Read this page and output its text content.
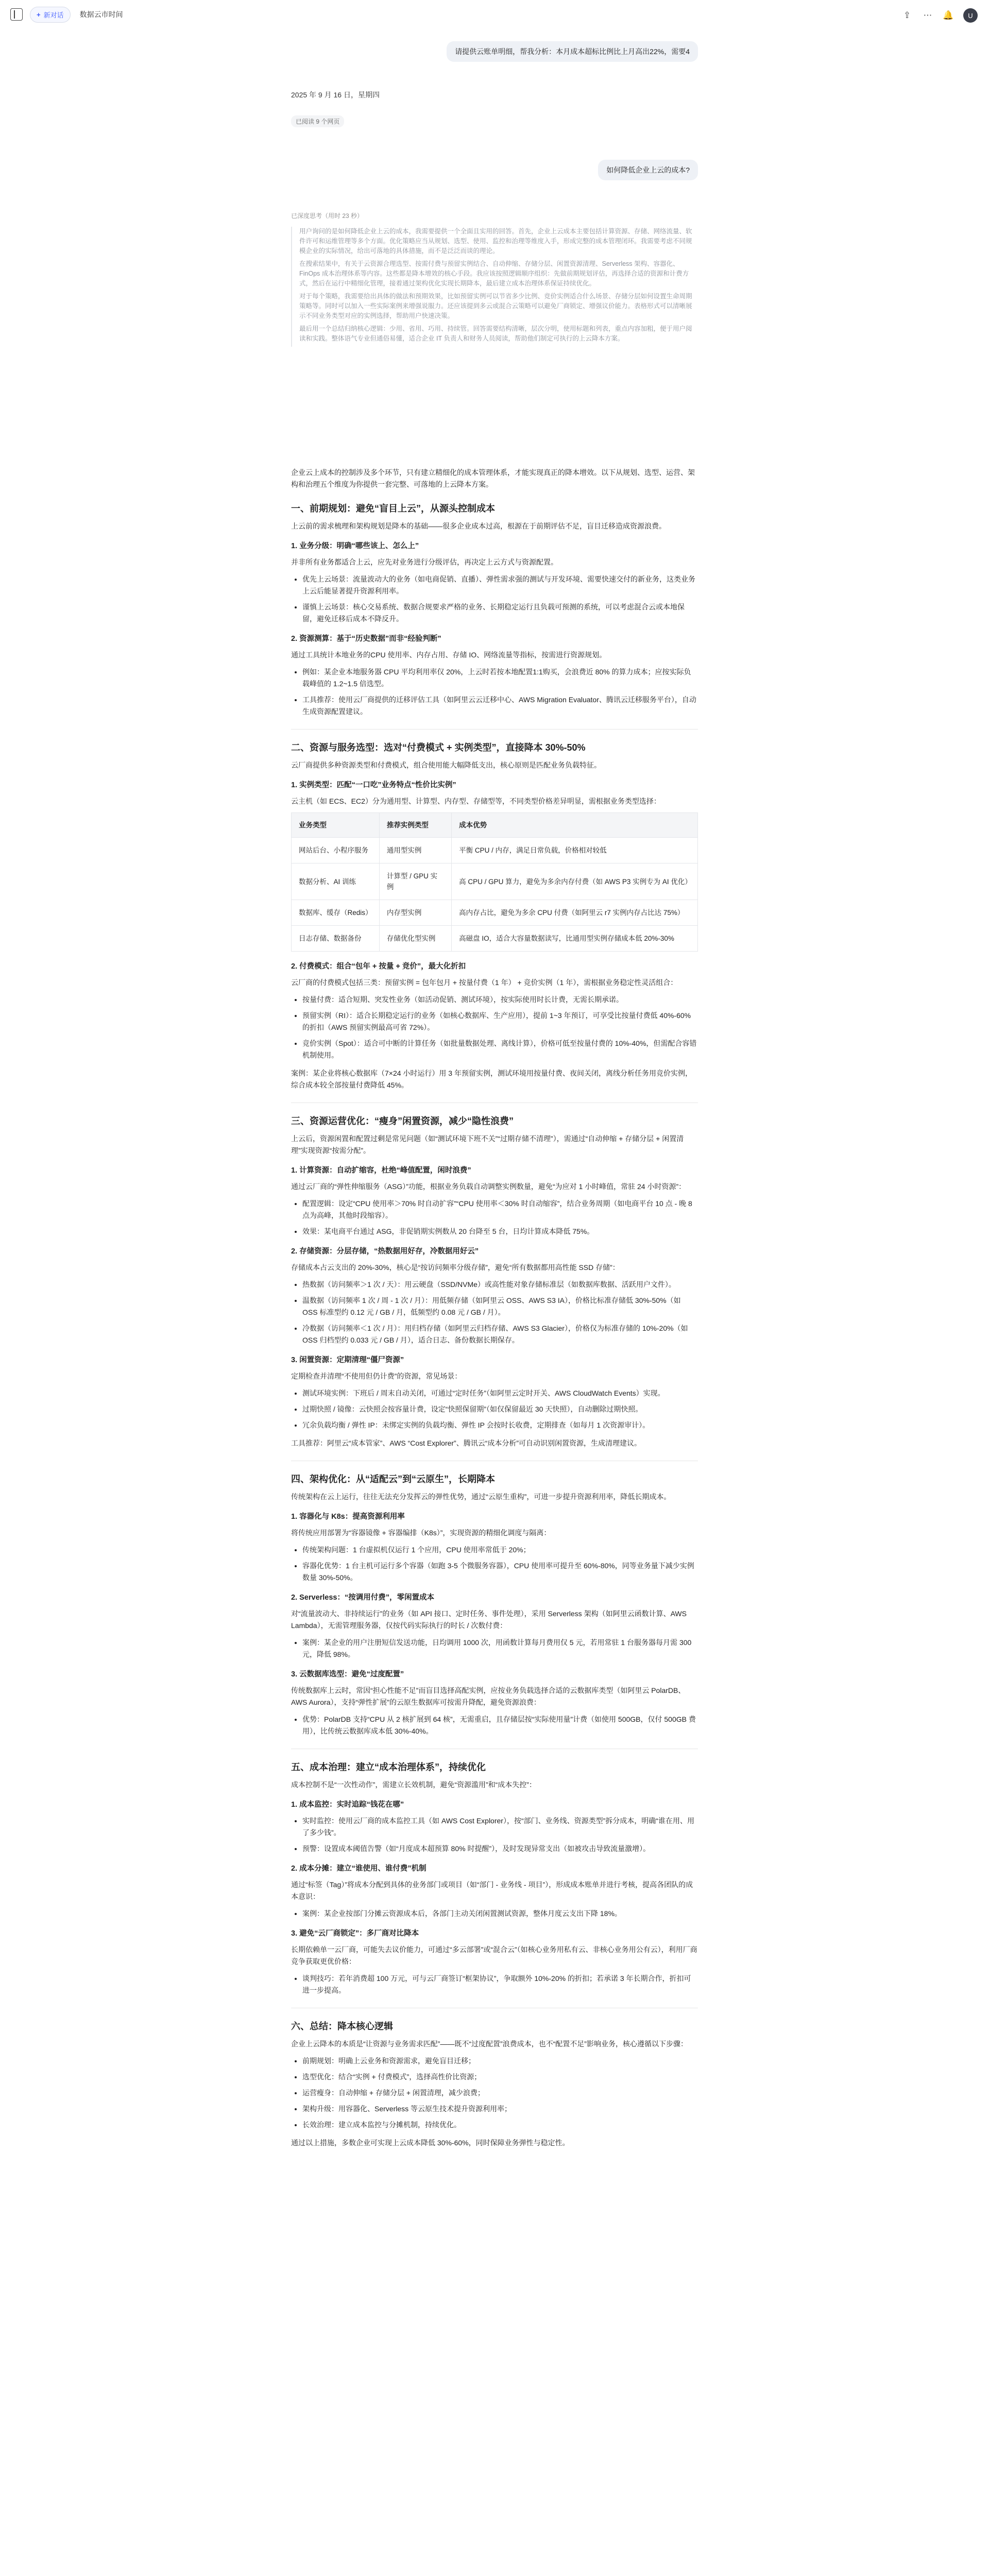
+ 新对话 数据云市时间	⇪ ⋯ 🔔	U
请提供云账单明细，帮我分析：本月成本超标比例比上月高出22%，需要4
2025 年 9 月 16 日，星期四
已阅读 9 个网页
如何降低企业上云的成本?
已深度思考（用时 23 秒）

用户询问的是如何降低企业上云的成本，我需要提供一个全面且实用的回答。首先，企业上云成本主要包括计算资源、存储、网络流量、软件许可和运维管理等多个方面。优化策略应当从规划、选型、使用、监控和治理等维度入手，形成完整的成本管理闭环。我需要考虑不同规模企业的实际情况，给出可落地的具体措施，而不是泛泛而谈的理论。

在搜索结果中，有关于云资源合理选型、按需付费与预留实例结合、自动伸缩、存储分层、闲置资源清理、Serverless 架构、容器化、FinOps 成本治理体系等内容。这些都是降本增效的核心手段。我应该按照逻辑顺序组织：先做前期规划评估，再选择合适的资源和计费方式，然后在运行中精细化管理，接着通过架构优化实现长期降本，最后建立成本治理体系保证持续优化。

对于每个策略，我需要给出具体的做法和预期效果，比如预留实例可以节省多少比例、竞价实例适合什么场景、存储分层如何设置生命周期策略等。同时可以加入一些实际案例来增强说服力。还应该提到多云或混合云策略可以避免厂商锁定、增强议价能力。表格形式可以清晰展示不同业务类型对应的实例选择，帮助用户快速决策。

最后用一个总结归纳核心逻辑：少用、省用、巧用、持续管。回答需要结构清晰，层次分明，使用标题和列表，重点内容加粗，便于用户阅读和实践。整体语气专业但通俗易懂，适合企业 IT 负责人和财务人员阅读，帮助他们制定可执行的上云降本方案。

企业云上成本的控制涉及多个环节，只有建立精细化的成本管理体系，才能实现真正的降本增效。以下从规划、选型、运营、架构和治理五个维度为你提供一套完整、可落地的上云降本方案。

一、前期规划：避免“盲目上云”，从源头控制成本

上云前的需求梳理和架构规划是降本的基础——很多企业成本过高，根源在于前期评估不足，盲目迁移造成资源浪费。

1. 业务分级：明确“哪些该上、怎么上”

并非所有业务都适合上云，应先对业务进行分级评估，再决定上云方式与资源配置。

• 优先上云场景：流量波动大的业务（如电商促销、直播）、弹性需求强的测试与开发环境、需要快速交付的新业务，这类业务上云后能显著提升资源利用率。
• 谨慎上云场景：核心交易系统、数据合规要求严格的业务、长期稳定运行且负载可预测的系统，可以考虑混合云或本地保留，避免迁移后成本不降反升。
2. 资源测算：基于“历史数据”而非“经验判断”

通过工具统计本地业务的CPU 使用率、内存占用、存储 IO、网络流量等指标，按需进行资源规划。

• 例如：某企业本地服务器 CPU 平均利用率仅 20%，上云时若按本地配置1:1购买，会浪费近 80% 的算力成本；应按实际负载峰值的 1.2~1.5 倍选型。
• 工具推荐：使用云厂商提供的迁移评估工具（如阿里云云迁移中心、AWS Migration Evaluator、腾讯云迁移服务平台），自动生成资源配置建议。
二、资源与服务选型：选对“付费模式 + 实例类型”，直接降本 30%-50%

云厂商提供多种资源类型和付费模式，组合使用能大幅降低支出，核心原则是匹配业务负载特征。

1. 实例类型：匹配“一口吃”业务特点“性价比实例”

云主机（如 ECS、EC2）分为通用型、计算型、内存型、存储型等，不同类型价格差异明显，需根据业务类型选择：

业务类型	推荐实例类型	成本优势
网站后台、小程序服务	通用型实例	平衡 CPU / 内存，满足日常负载，价格相对较低
数据分析、AI 训练	计算型 / GPU 实例	高 CPU / GPU 算力，避免为多余内存付费（如 AWS P3 实例专为 AI 优化）
数据库、缓存（Redis）	内存型实例	高内存占比，避免为多余 CPU 付费（如阿里云 r7 实例内存占比达 75%）
日志存储、数据备份	存储优化型实例	高磁盘 IO，适合大容量数据读写，比通用型实例存储成本低 20%-30%
2. 付费模式：组合“包年 + 按量 + 竞价”，最大化折扣

云厂商的付费模式包括三类：预留实例 = 包年包月 + 按量付费（1 年） + 竞价实例（1 年），需根据业务稳定性灵活组合：

• 按量付费：适合短期、突发性业务（如活动促销、测试环境），按实际使用时长计费，无需长期承诺。
• 预留实例（RI）：适合长期稳定运行的业务（如核心数据库、生产应用），提前 1~3 年预订，可享受比按量付费低 40%-60% 的折扣（AWS 预留实例最高可省 72%）。
• 竞价实例（Spot）：适合可中断的计算任务（如批量数据处理、离线计算），价格可低至按量付费的 10%-40%，但需配合容错机制使用。

案例：某企业将核心数据库（7×24 小时运行）用 3 年预留实例，测试环境用按量付费、夜间关闭，离线分析任务用竞价实例，综合成本较全部按量付费降低 45%。

三、资源运营优化：“瘦身”闲置资源，减少“隐性浪费”

上云后，资源闲置和配置过剩是常见问题（如“测试环境下班不关”“过期存储不清理”），需通过“自动伸缩 + 存储分层 + 闲置清理”实现资源“按需分配”。

1. 计算资源：自动扩缩容，杜绝“峰值配置，闲时浪费”

通过云厂商的“弹性伸缩服务（ASG）”功能，根据业务负载自动调整实例数量，避免“为应对 1 小时峰值，常驻 24 小时资源”：

• 配置逻辑：设定“CPU 使用率＞70% 时自动扩容”“CPU 使用率＜30% 时自动缩容”，结合业务周期（如电商平台 10 点 - 晚 8 点为高峰，其他时段缩容）。
• 效果：某电商平台通过 ASG，非促销期实例数从 20 台降至 5 台，日均计算成本降低 75%。
2. 存储资源：分层存储，“热数据用好存，冷数据用好云”

存储成本占云支出的 20%-30%，核心是“按访问频率分级存储”，避免“所有数据都用高性能 SSD 存储”：

• 热数据（访问频率＞1 次 / 天）：用云硬盘（SSD/NVMe）或高性能对象存储标准层（如数据库数据、活跃用户文件）。
• 温数据（访问频率 1 次 / 周 - 1 次 / 月）：用低频存储（如阿里云 OSS、AWS S3 IA），价格比标准存储低 30%-50%（如 OSS 标准型约 0.12 元 / GB / 月，低频型约 0.08 元 / GB / 月）。
• 冷数据（访问频率＜1 次 / 月）：用归档存储（如阿里云归档存储、AWS S3 Glacier），价格仅为标准存储的 10%-20%（如 OSS 归档型约 0.033 元 / GB / 月），适合日志、备份数据长期保存。
3. 闲置资源：定期清理“僵尸资源”

定期检查并清理“不使用但仍计费”的资源，常见场景：

• 测试环境实例：下班后 / 周末自动关闭，可通过“定时任务”（如阿里云定时开关、AWS CloudWatch Events）实现。
• 过期快照 / 镜像：云快照会按容量计费，设定“快照保留期”（如仅保留最近 30 天快照），自动删除过期快照。
• 冗余负载均衡 / 弹性 IP：未绑定实例的负载均衡、弹性 IP 会按时长收费，定期排查（如每月 1 次资源审计）。

工具推荐：阿里云“成本管家”、AWS “Cost Explorer”、腾讯云“成本分析”可自动识别闲置资源，生成清理建议。

四、架构优化：从“适配云”到“云原生”，长期降本

传统架构在云上运行，往往无法充分发挥云的弹性优势，通过“云原生重构”，可进一步提升资源利用率，降低长期成本。

1. 容器化与 K8s：提高资源利用率

将传统应用部署为“容器镜像 + 容器编排（K8s）”，实现资源的精细化调度与隔离：

• 传统架构问题：1 台虚拟机仅运行 1 个应用，CPU 使用率常低于 20%；
• 容器化优势：1 台主机可运行多个容器（如跑 3-5 个微服务容器），CPU 使用率可提升至 60%-80%，同等业务量下减少实例数量 30%-50%。
2. Serverless：“按调用付费”，零闲置成本

对“流量波动大、非持续运行”的业务（如 API 接口、定时任务、事件处理），采用 Serverless 架构（如阿里云函数计算、AWS Lambda），无需管理服务器，仅按代码实际执行的时长 / 次数付费：

• 案例：某企业的用户注册短信发送功能，日均调用 1000 次，用函数计算每月费用仅 5 元，若用常驻 1 台服务器每月需 300 元，降低 98%。
3. 云数据库选型：避免“过度配置”

传统数据库上云时，常因“担心性能不足”而盲目选择高配实例，应按业务负载选择合适的云数据库类型（如阿里云 PolarDB、AWS Aurora），支持“弹性扩展”的云原生数据库可按需升降配，避免资源浪费：

• 优势：PolarDB 支持“CPU 从 2 核扩展到 64 核”，无需重启，且存储层按“实际使用量”计费（如使用 500GB，仅付 500GB 费用），比传统云数据库成本低 30%-40%。
五、成本治理：建立“成本治理体系”，持续优化

成本控制不是“一次性动作”，需建立长效机制，避免“资源滥用”和“成本失控”：

1. 成本监控：实时追踪“钱花在哪”
• 实时监控：使用云厂商的成本监控工具（如 AWS Cost Explorer），按“部门、业务线、资源类型”拆分成本，明确“谁在用、用了多少钱”。
• 预警：设置成本阈值告警（如“月度成本超预算 80% 时提醒”），及时发现异常支出（如被攻击导致流量激增）。
2. 成本分摊：建立“谁使用、谁付费”机制

通过“标签（Tag）”将成本分配到具体的业务部门或项目（如“部门 - 业务线 - 项目”），形成成本账单并进行考核，提高各团队的成本意识：

• 案例：某企业按部门分摊云资源成本后，各部门主动关闭闲置测试资源，整体月度云支出下降 18%。
3. 避免“云厂商锁定”：多厂商对比降本

长期依赖单一云厂商，可能失去议价能力，可通过“多云部署”或“混合云”（如核心业务用私有云、非核心业务用公有云），利用厂商竞争获取更优价格：

• 谈判技巧：若年消费超 100 万元，可与云厂商签订“框架协议”，争取额外 10%-20% 的折扣；若承诺 3 年长期合作，折扣可进一步提高。
六、总结：降本核心逻辑

企业上云降本的本质是“让资源与业务需求匹配”——既不“过度配置”浪费成本，也不“配置不足”影响业务，核心遵循以下步骤：

• 前期规划：明确上云业务和资源需求，避免盲目迁移；
• 选型优化：结合“实例 + 付费模式”，选择高性价比资源；
• 运营瘦身：自动伸缩 + 存储分层 + 闲置清理，减少浪费；
• 架构升级：用容器化、Serverless 等云原生技术提升资源利用率；
• 长效治理：建立成本监控与分摊机制，持续优化。

通过以上措施，多数企业可实现上云成本降低 30%-60%，同时保障业务弹性与稳定性。
